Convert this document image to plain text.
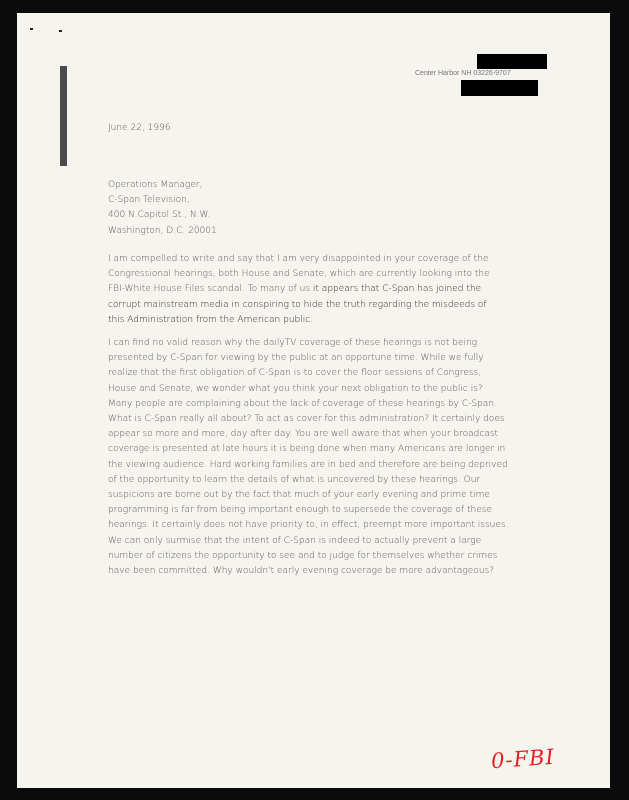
Center Harbor NH 03226-9707
June 22, 1996
Operations Manager,
C-Span Television,
400 N.Capitol St., N.W.
Washington, D.C. 20001
I am compelled to write and say that I am very disappointed in your coverage of the
Congressional hearings, both House and Senate, which are currently looking into the
FBI-White House Files scandal. To many of us it appears that C-Span has joined the
corrupt mainstream media in conspiring to hide the truth regarding the misdeeds of
this Administration from the American public.
I can find no valid reason why the dailyTV coverage of these hearings is not being
presented by C-Span for viewing by the public at an opportune time. While we fully
realize that the first obligation of C-Span is to cover the floor sessions of Congress,
House and Senate, we wonder what you think your next obligation to the public is?
Many people are complaining about the lack of coverage of these hearings by C-Span.
What is C-Span really all about? To act as cover for this administration? It certainly does
appear so more and more, day after day. You are well aware that when your broadcast
coverage is presented at late hours it is being done when many Americans are longer in
the viewing audience. Hard working families are in bed and therefore are being deprived
of the opportunity to learn the details of what is uncovered by these hearings. Our
suspicions are borne out by the fact that much of your early evening and prime time
programming is far from being important enough to supersede the coverage of these
hearings. It certainly does not have priority to, in effect, preempt more important issues.
We can only surmise that the intent of C-Span is indeed to actually prevent a large
number of citizens the opportunity to see and to judge for themselves whether crimes
have been committed. Why wouldn't early evening coverage be more advantageous?
0-FBI
